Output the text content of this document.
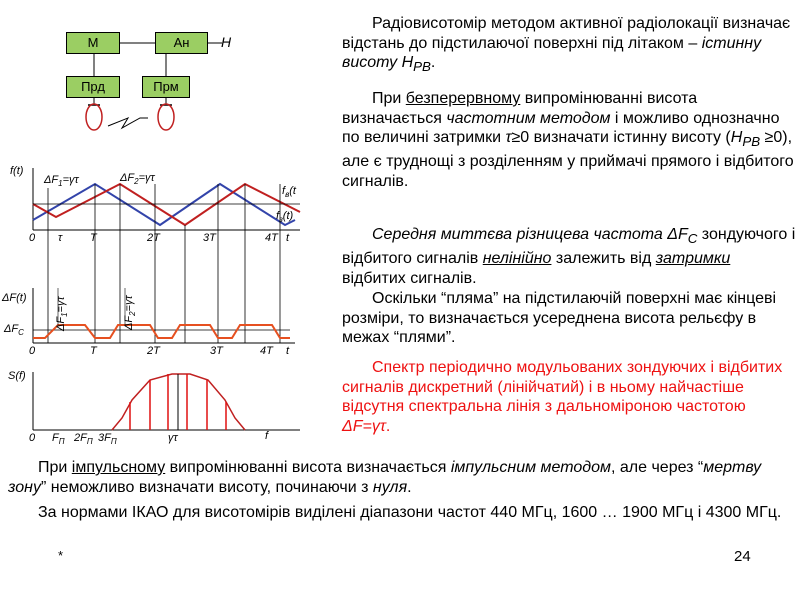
М	Ан
Прд	Прм
Н
f(t)
$\Delta F_1=\gamma\tau$	$\Delta F_2=\gamma\tau$
$f_в(t$
$f_з(t)$
0 τ	T	2T	3T	4T t
ΔF(t)
$\Delta F_C$
$\Delta F_1=\gamma\tau$
$\Delta F_2=\gamma\tau$
0	T	2T	3T	4T t
S(f)
0 $F_П$ $2F_П$ $3F_П$	γτ	f

Радіовисотомір методом активної радіолокації визначає відстань до підстилаючої поверхні під літаком – істинну висоту $H_{РВ}$.

При безперервному випромінюванні висота визначається частотним методом і можливо однозначно по величині затримки τ≥0 визначати істинну висоту $(H_{РВ} \ge 0)$, але є труднощі з розділенням у приймачі прямого і відбитого сигналів.

Середня миттєва різницева частота $\Delta F_C$ зондуючого і відбитого сигналів нелінійно залежить від затримки відбитих сигналів.

Оскільки “пляма” на підстилаючій поверхні має кінцеві розміри, то визначається усереднена висота рельєфу в межах “плями”.

Спектр періодично модульованих зондуючих і відбитих сигналів дискретний (лінійчатий) і в ньому найчастіше відсутня спектральна лінія з дальноміроною частотою ΔF=γτ.

При імпульсному випромінюванні висота визначається імпульсним методом, але через “мертву зону” неможливо визначати висоту, починаючи з нуля.

За нормами ІКАО для висотомірів виділені діапазони частот 440 МГц, 1600 … 1900 МГц і 4300 МГц.

*	24
